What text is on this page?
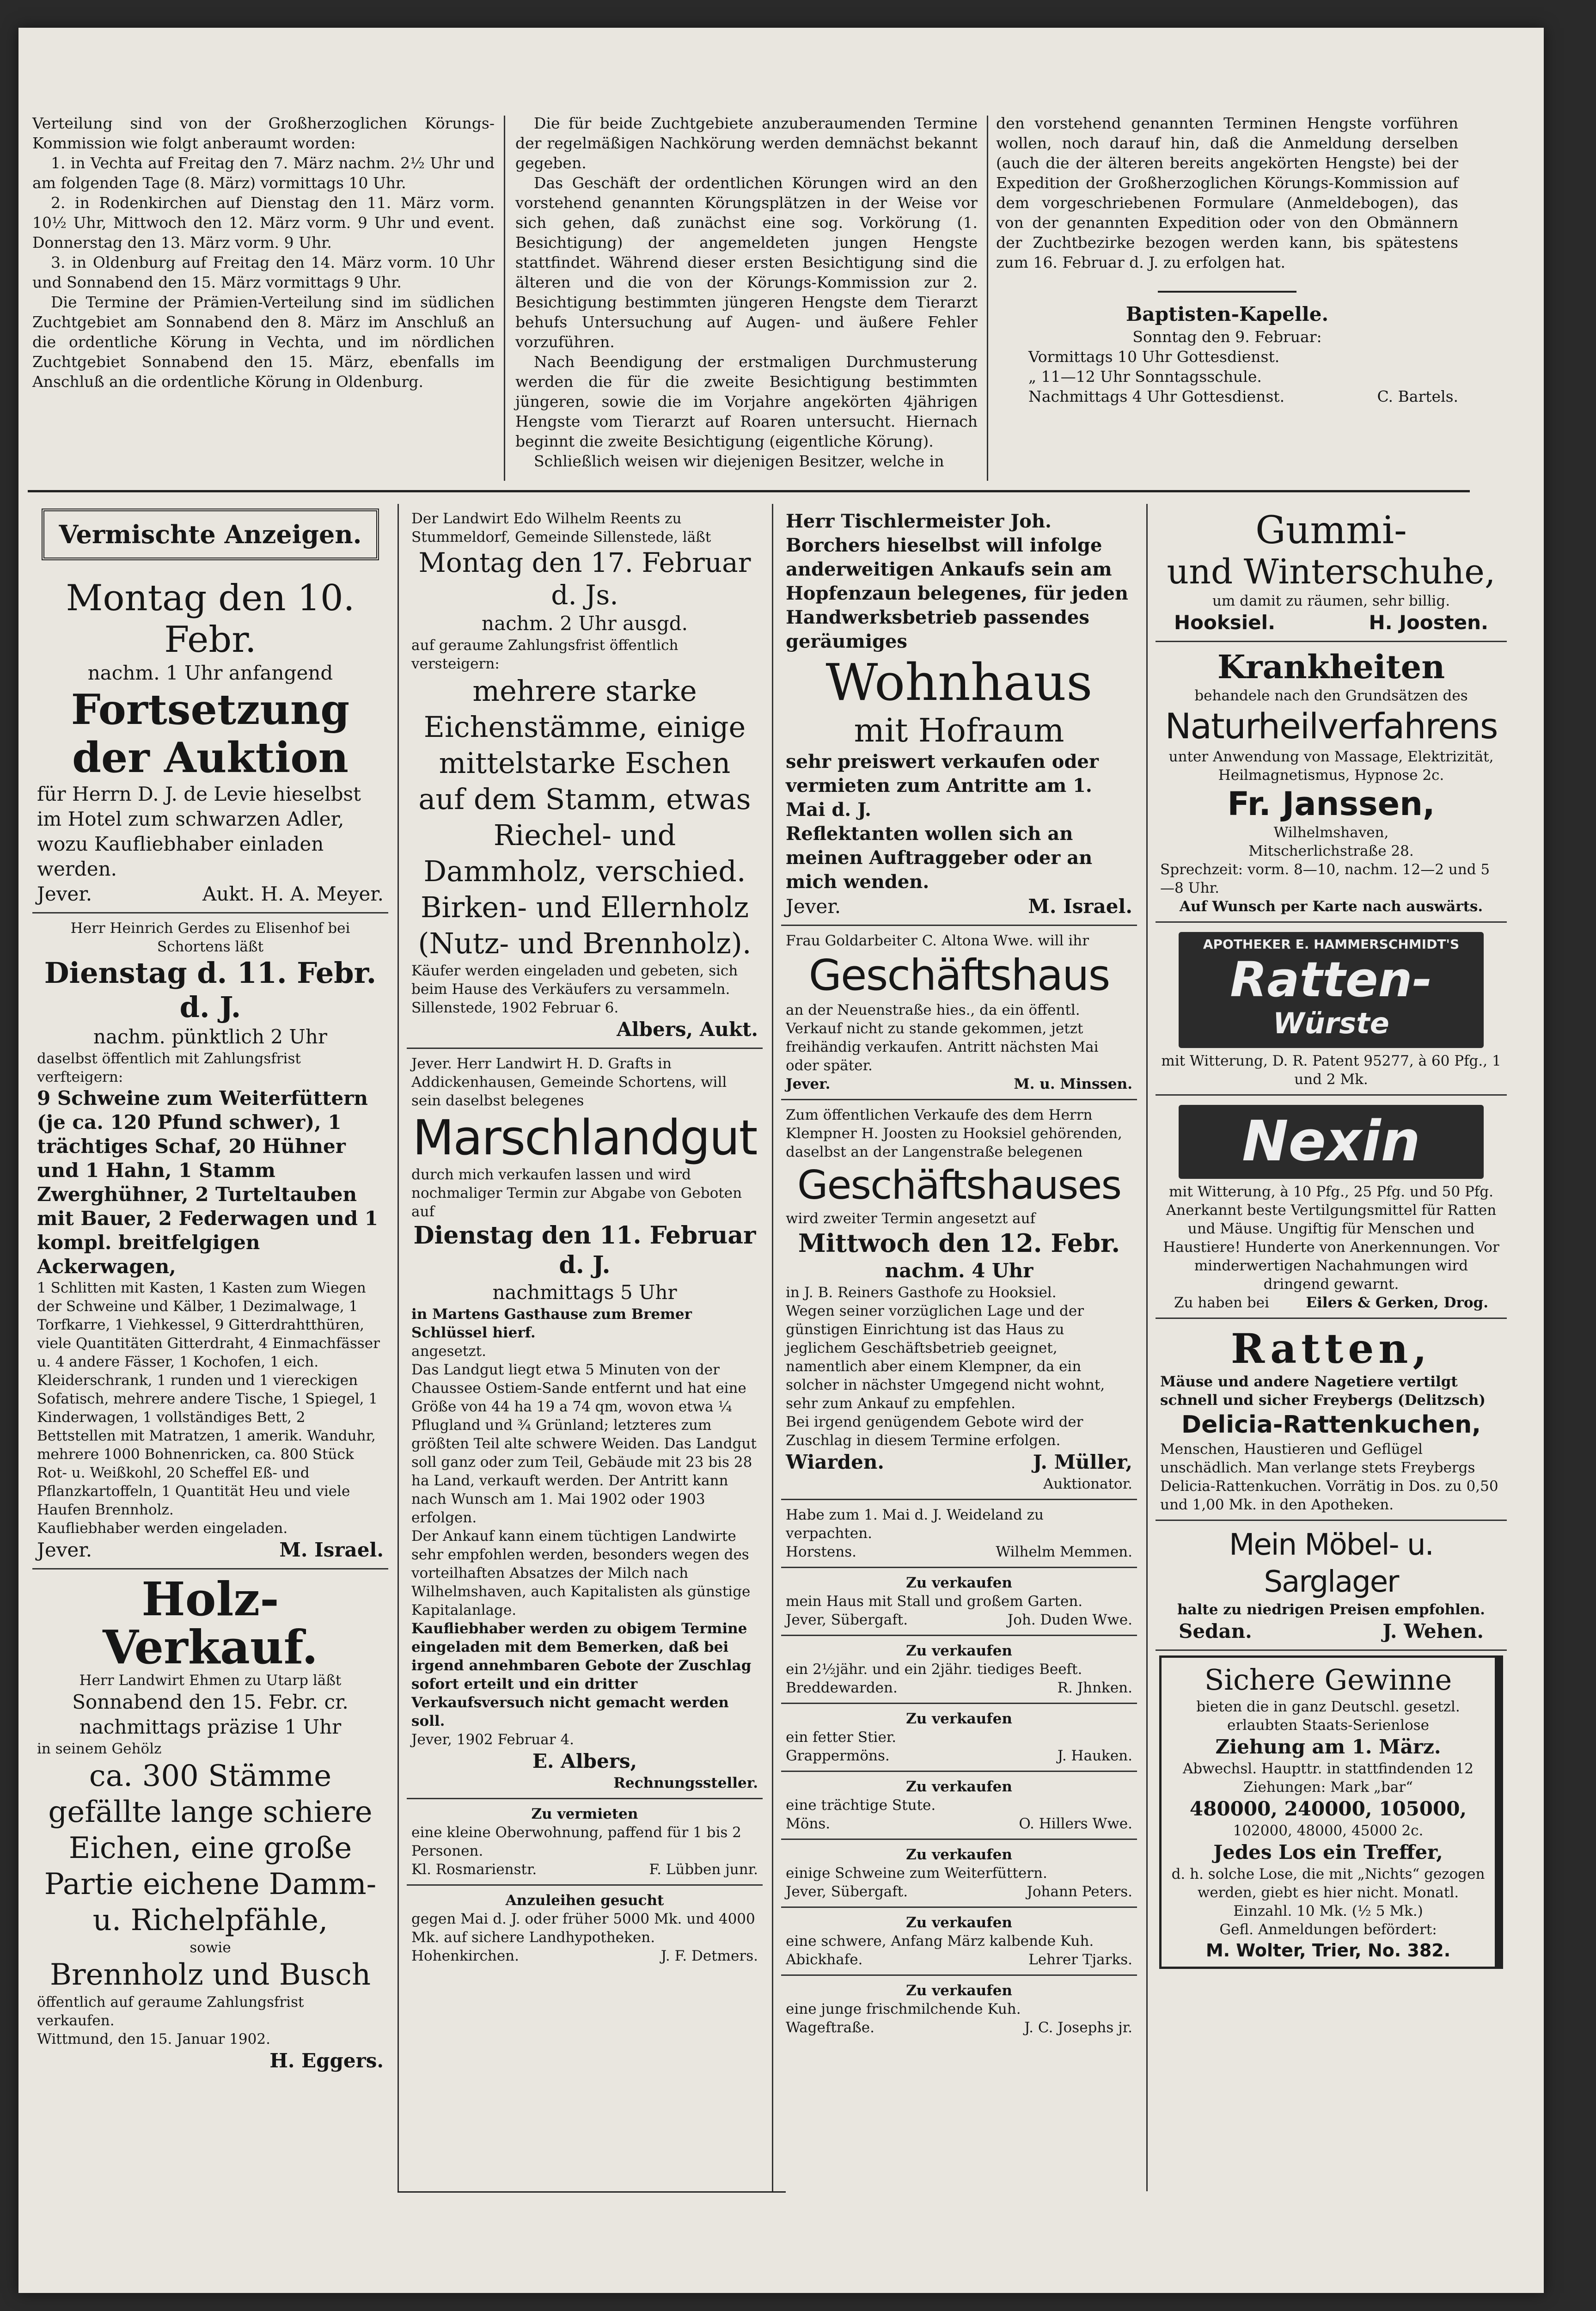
Verteilung sind von der Großherzoglichen Körungs-Kommission wie folgt anberaumt worden:

1. in Vechta auf Freitag den 7. März nachm. 2½ Uhr und am folgenden Tage (8. März) vormittags 10 Uhr.

2. in Rodenkirchen auf Dienstag den 11. März vorm. 10½ Uhr, Mittwoch den 12. März vorm. 9 Uhr und event. Donnerstag den 13. März vorm. 9 Uhr.

3. in Oldenburg auf Freitag den 14. März vorm. 10 Uhr und Sonnabend den 15. März vormittags 9 Uhr.

Die Termine der Prämien-Verteilung sind im südlichen Zuchtgebiet am Sonnabend den 8. März im Anschluß an die ordentliche Körung in Vechta, und im nördlichen Zuchtgebiet Sonnabend den 15. März, ebenfalls im Anschluß an die ordentliche Körung in Oldenburg.

Die für beide Zuchtgebiete anzuberaumenden Termine der regelmäßigen Nachkörung werden demnächst bekannt gegeben.

Das Geschäft der ordentlichen Körungen wird an den vorstehend genannten Körungsplätzen in der Weise vor sich gehen, daß zunächst eine sog. Vorkörung (1. Besichtigung) der angemeldeten jungen Hengste stattfindet. Während dieser ersten Besichtigung sind die älteren und die von der Körungs-Kommission zur 2. Besichtigung bestimmten jüngeren Hengste dem Tierarzt behufs Untersuchung auf Augen- und äußere Fehler vorzuführen.

Nach Beendigung der erstmaligen Durchmusterung werden die für die zweite Besichtigung bestimmten jüngeren, sowie die im Vorjahre angekörten 4jährigen Hengste vom Tierarzt auf Roaren untersucht. Hiernach beginnt die zweite Besichtigung (eigentliche Körung).

Schließlich weisen wir diejenigen Besitzer, welche in

den vorstehend genannten Terminen Hengste vorführen wollen, noch darauf hin, daß die Anmeldung derselben (auch die der älteren bereits angekörten Hengste) bei der Expedition der Großherzoglichen Körungs-Kommission auf dem vorgeschriebenen Formulare (Anmeldebogen), das von der genannten Expedition oder von den Obmännern der Zuchtbezirke bezogen werden kann, bis spätestens zum 16. Februar d. J. zu erfolgen hat.

Baptisten-Kapelle.
Sonntag den 9. Februar:
Vormittags 10 Uhr Gottesdienst.
„ 11—12 Uhr Sonntagsschule.
Nachmittags 4 Uhr Gottesdienst.	C. Bartels.
Vermischte Anzeigen.
Montag den 10. Febr.
nachm. 1 Uhr anfangend
Fortsetzung
der Auktion
für Herrn D. J. de Levie hieselbst im Hotel zum schwarzen Adler, wozu Kaufliebhaber einladen werden.
Jever.	Aukt. H. A. Meyer.
Herr Heinrich Gerdes zu Elisenhof bei Schortens läßt
Dienstag d. 11. Febr. d. J.
nachm. pünktlich 2 Uhr
daselbst öffentlich mit Zahlungsfrist verfteigern:
9 Schweine zum Weiterfüttern (je ca. 120 Pfund schwer), 1 trächtiges Schaf, 20 Hühner und 1 Hahn, 1 Stamm Zwerghühner, 2 Turteltauben mit Bauer, 2 Federwagen und 1 kompl. breitfelgigen Ackerwagen,
1 Schlitten mit Kasten, 1 Kasten zum Wiegen der Schweine und Kälber, 1 Dezimalwage, 1 Torfkarre, 1 Viehkessel, 9 Gitterdrahtthüren, viele Quantitäten Gitterdraht, 4 Einmachfässer u. 4 andere Fässer, 1 Kochofen, 1 eich. Kleiderschrank, 1 runden und 1 viereckigen Sofatisch, mehrere andere Tische, 1 Spiegel, 1 Kinderwagen, 1 vollständiges Bett, 2 Bettstellen mit Matratzen, 1 amerik. Wanduhr, mehrere 1000 Bohnenricken, ca. 800 Stück Rot- u. Weißkohl, 20 Scheffel Eß- und Pflanzkartoffeln, 1 Quantität Heu und viele Haufen Brennholz.
Kaufliebhaber werden eingeladen.
Jever.	M. Israel.
Holz-Verkauf.
Herr Landwirt Ehmen zu Utarp läßt
Sonnabend den 15. Febr. cr.
nachmittags präzise 1 Uhr
in seinem Gehölz
ca. 300 Stämme gefällte lange schiere Eichen, eine große Partie eichene Damm- u. Richelpfähle,
sowie
Brennholz und Busch
öffentlich auf geraume Zahlungsfrist verkaufen.
Wittmund, den 15. Januar 1902.
H. Eggers.
Der Landwirt Edo Wilhelm Reents zu Stummeldorf, Gemeinde Sillenstede, läßt
Montag den 17. Februar d. Js.
nachm. 2 Uhr ausgd.
auf geraume Zahlungsfrist öffentlich versteigern:
mehrere starke Eichenstämme, einige mittelstarke Eschen auf dem Stamm, etwas Riechel- und Dammholz, verschied. Birken- und Ellernholz (Nutz- und Brennholz).
Käufer werden eingeladen und gebeten, sich beim Hause des Verkäufers zu versammeln.
Sillenstede, 1902 Februar 6.
Albers, Aukt.
Jever. Herr Landwirt H. D. Grafts in Addickenhausen, Gemeinde Schortens, will sein daselbst belegenes
Marschlandgut
durch mich verkaufen lassen und wird nochmaliger Termin zur Abgabe von Geboten auf
Dienstag den 11. Februar d. J.
nachmittags 5 Uhr
in Martens Gasthause zum Bremer Schlüssel hierf.
angesetzt.
Das Landgut liegt etwa 5 Minuten von der Chaussee Ostiem-Sande entfernt und hat eine Größe von 44 ha 19 a 74 qm, wovon etwa ¼ Pflugland und ¾ Grünland; letzteres zum größten Teil alte schwere Weiden. Das Landgut soll ganz oder zum Teil, Gebäude mit 23 bis 28 ha Land, verkauft werden. Der Antritt kann nach Wunsch am 1. Mai 1902 oder 1903 erfolgen.
Der Ankauf kann einem tüchtigen Landwirte sehr empfohlen werden, besonders wegen des vorteilhaften Absatzes der Milch nach Wilhelmshaven, auch Kapitalisten als günstige Kapitalanlage.
Kaufliebhaber werden zu obigem Termine eingeladen mit dem Bemerken, daß bei irgend annehmbaren Gebote der Zuschlag sofort erteilt und ein dritter Verkaufsversuch nicht gemacht werden soll.
Jever, 1902 Februar 4.
E. Albers,
Rechnungssteller.
Zu vermieten
eine kleine Oberwohnung, paffend für 1 bis 2 Personen.
Kl. Rosmarienstr.	F. Lübben junr.
Anzuleihen gesucht
gegen Mai d. J. oder früher 5000 Mk. und 4000 Mk. auf sichere Landhypotheken.
Hohenkirchen.	J. F. Detmers.
Herr Tischlermeister Joh. Borchers hieselbst will infolge anderweitigen Ankaufs sein am Hopfenzaun belegenes, für jeden Handwerksbetrieb passendes geräumiges
Wohnhaus
mit Hofraum
sehr preiswert verkaufen oder vermieten zum Antritte am 1. Mai d. J.
Reflektanten wollen sich an meinen Auftraggeber oder an mich wenden.
Jever.	M. Israel.
Frau Goldarbeiter C. Altona Wwe. will ihr
Geschäftshaus
an der Neuenstraße hies., da ein öffentl. Verkauf nicht zu stande gekommen, jetzt freihändig verkaufen. Antritt nächsten Mai oder später.
Jever.	M. u. Minssen.
Zum öffentlichen Verkaufe des dem Herrn Klempner H. Joosten zu Hooksiel gehörenden, daselbst an der Langenstraße belegenen
Geschäftshauses
wird zweiter Termin angesetzt auf
Mittwoch den 12. Febr.
nachm. 4 Uhr
in J. B. Reiners Gasthofe zu Hooksiel.
Wegen seiner vorzüglichen Lage und der günstigen Einrichtung ist das Haus zu jeglichem Geschäftsbetrieb geeignet, namentlich aber einem Klempner, da ein solcher in nächster Umgegend nicht wohnt, sehr zum Ankauf zu empfehlen.
Bei irgend genügendem Gebote wird der Zuschlag in diesem Termine erfolgen.
Wiarden.	J. Müller,
Auktionator.
Habe zum 1. Mai d. J. Weideland zu verpachten.
Horstens.	Wilhelm Memmen.
Zu verkaufen
mein Haus mit Stall und großem Garten.
Jever, Sübergaft.	Joh. Duden Wwe.
Zu verkaufen
ein 2½jähr. und ein 2jähr. tiediges Beeft.
Breddewarden.	R. Jhnken.
Zu verkaufen
ein fetter Stier.
Grappermöns.	J. Hauken.
Zu verkaufen
eine trächtige Stute.
Möns.	O. Hillers Wwe.
Zu verkaufen
einige Schweine zum Weiterfüttern.
Jever, Sübergaft.	Johann Peters.
Zu verkaufen
eine schwere, Anfang März kalbende Kuh.
Abickhafe.	Lehrer Tjarks.
Zu verkaufen
eine junge frischmilchende Kuh.
Wageftraße.	J. C. Josephs jr.
Gummi-
und Winterschuhe,
um damit zu räumen, sehr billig.
Hooksiel.	H. Joosten.
Krankheiten
behandele nach den Grundsätzen des
Naturheilverfahrens
unter Anwendung von Massage, Elektrizität, Heilmagnetismus, Hypnose 2c.
Fr. Janssen,
Wilhelmshaven,
Mitscherlichstraße 28.
Sprechzeit: vorm. 8—10, nachm. 12—2 und 5—8 Uhr.
Auf Wunsch per Karte nach auswärts.
APOTHEKER E. HAMMERSCHMIDT'S
Ratten-
Würste
mit Witterung, D. R. Patent 95277, à 60 Pfg., 1 und 2 Mk.
Nexin
mit Witterung, à 10 Pfg., 25 Pfg. und 50 Pfg.
Anerkannt beste Vertilgungsmittel für Ratten und Mäuse. Ungiftig für Menschen und Haustiere! Hunderte von Anerkennungen. Vor minderwertigen Nachahmungen wird dringend gewarnt.
Zu haben bei	Eilers & Gerken, Drog.
Ratten,
Mäuse und andere Nagetiere vertilgt schnell und sicher Freybergs (Delitzsch)
Delicia-Rattenkuchen,
Menschen, Haustieren und Geflügel unschädlich. Man verlange stets Freybergs Delicia-Rattenkuchen. Vorrätig in Dos. zu 0,50 und 1,00 Mk. in den Apotheken.
Mein Möbel- u. Sarglager
halte zu niedrigen Preisen empfohlen.
Sedan.	J. Wehen.
Sichere Gewinne
bieten die in ganz Deutschl. gesetzl. erlaubten Staats-Serienlose
Ziehung am 1. März.
Abwechsl. Haupttr. in stattfindenden 12 Ziehungen: Mark „bar“
480000, 240000, 105000,
102000, 48000, 45000 2c.
Jedes Los ein Treffer,
d. h. solche Lose, die mit „Nichts“ gezogen werden, giebt es hier nicht. Monatl. Einzahl. 10 Mk. (½ 5 Mk.)
Gefl. Anmeldungen befördert:
M. Wolter, Trier, No. 382.
